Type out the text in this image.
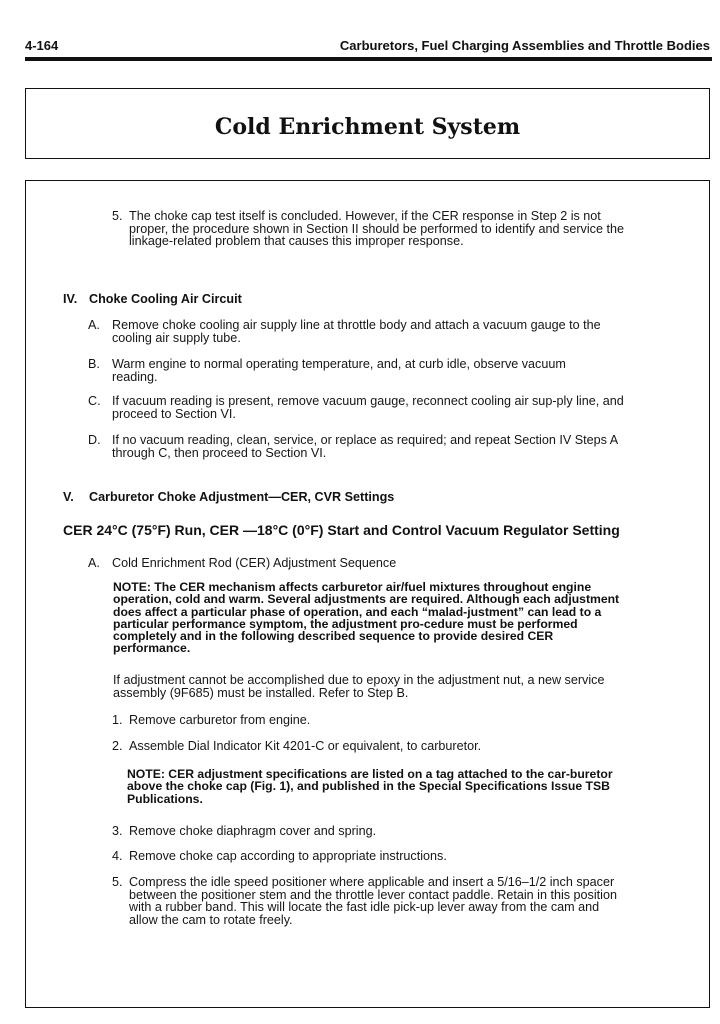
4-164	Carburetors, Fuel Charging Assemblies and Throttle Bodies
Cold Enrichment System
5. The choke cap test itself is concluded. However, if the CER response in Step 2 is not proper, the procedure shown in Section II should be performed to identify and service the linkage-related problem that causes this improper response.
IV. Choke Cooling Air Circuit
A. Remove choke cooling air supply line at throttle body and attach a vacuum gauge to the cooling air supply tube.
B. Warm engine to normal operating temperature, and, at curb idle, observe vacuum reading.
C. If vacuum reading is present, remove vacuum gauge, reconnect cooling air sup-ply line, and proceed to Section VI.
D. If no vacuum reading, clean, service, or replace as required; and repeat Section IV Steps A through C, then proceed to Section VI.
V. Carburetor Choke Adjustment—CER, CVR Settings
CER 24°C (75°F) Run, CER —18°C (0°F) Start and Control Vacuum Regulator Setting
A. Cold Enrichment Rod (CER) Adjustment Sequence
NOTE: The CER mechanism affects carburetor air/fuel mixtures throughout engine operation, cold and warm. Several adjustments are required. Although each adjustment does affect a particular phase of operation, and each “malad-justment” can lead to a particular performance symptom, the adjustment pro-cedure must be performed completely and in the following described sequence to provide desired CER performance.
If adjustment cannot be accomplished due to epoxy in the adjustment nut, a new service assembly (9F685) must be installed. Refer to Step B.
1. Remove carburetor from engine.
2. Assemble Dial Indicator Kit 4201-C or equivalent, to carburetor.
NOTE: CER adjustment specifications are listed on a tag attached to the car-buretor above the choke cap (Fig. 1), and published in the Special Specifications Issue TSB Publications.
3. Remove choke diaphragm cover and spring.
4. Remove choke cap according to appropriate instructions.
5. Compress the idle speed positioner where applicable and insert a 5/16–1/2 inch spacer between the positioner stem and the throttle lever contact paddle. Retain in this position with a rubber band. This will locate the fast idle pick-up lever away from the cam and allow the cam to rotate freely.
